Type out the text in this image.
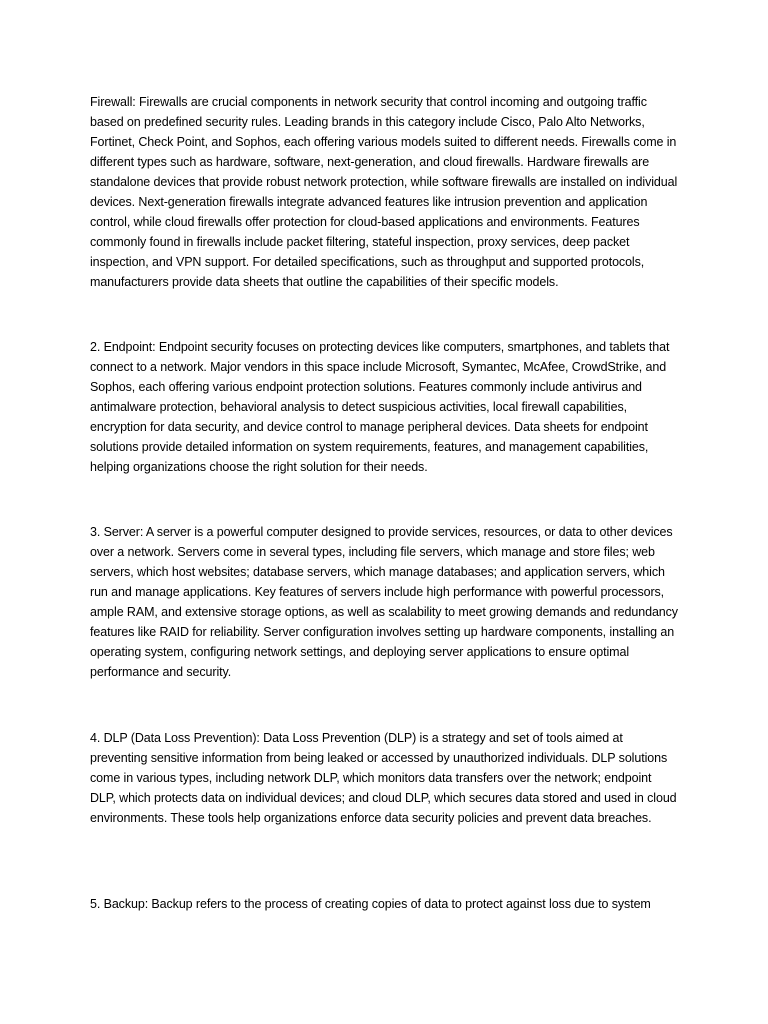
Firewall: Firewalls are crucial components in network security that control incoming and outgoing traffic based on predefined security rules. Leading brands in this category include Cisco, Palo Alto Networks, Fortinet, Check Point, and Sophos, each offering various models suited to different needs. Firewalls come in different types such as hardware, software, next-generation, and cloud firewalls. Hardware firewalls are standalone devices that provide robust network protection, while software firewalls are installed on individual devices. Next-generation firewalls integrate advanced features like intrusion prevention and application control, while cloud firewalls offer protection for cloud-based applications and environments. Features commonly found in firewalls include packet filtering, stateful inspection, proxy services, deep packet inspection, and VPN support. For detailed specifications, such as throughput and supported protocols, manufacturers provide data sheets that outline the capabilities of their specific models.

2. Endpoint: Endpoint security focuses on protecting devices like computers, smartphones, and tablets that connect to a network. Major vendors in this space include Microsoft, Symantec, McAfee, CrowdStrike, and Sophos, each offering various endpoint protection solutions. Features commonly include antivirus and antimalware protection, behavioral analysis to detect suspicious activities, local firewall capabilities, encryption for data security, and device control to manage peripheral devices. Data sheets for endpoint solutions provide detailed information on system requirements, features, and management capabilities, helping organizations choose the right solution for their needs.

3. Server: A server is a powerful computer designed to provide services, resources, or data to other devices over a network. Servers come in several types, including file servers, which manage and store files; web servers, which host websites; database servers, which manage databases; and application servers, which run and manage applications. Key features of servers include high performance with powerful processors, ample RAM, and extensive storage options, as well as scalability to meet growing demands and redundancy features like RAID for reliability. Server configuration involves setting up hardware components, installing an operating system, configuring network settings, and deploying server applications to ensure optimal performance and security.

4. DLP (Data Loss Prevention): Data Loss Prevention (DLP) is a strategy and set of tools aimed at preventing sensitive information from being leaked or accessed by unauthorized individuals. DLP solutions come in various types, including network DLP, which monitors data transfers over the network; endpoint DLP, which protects data on individual devices; and cloud DLP, which secures data stored and used in cloud environments. These tools help organizations enforce data security policies and prevent data breaches.

5. Backup: Backup refers to the process of creating copies of data to protect against loss due to system
